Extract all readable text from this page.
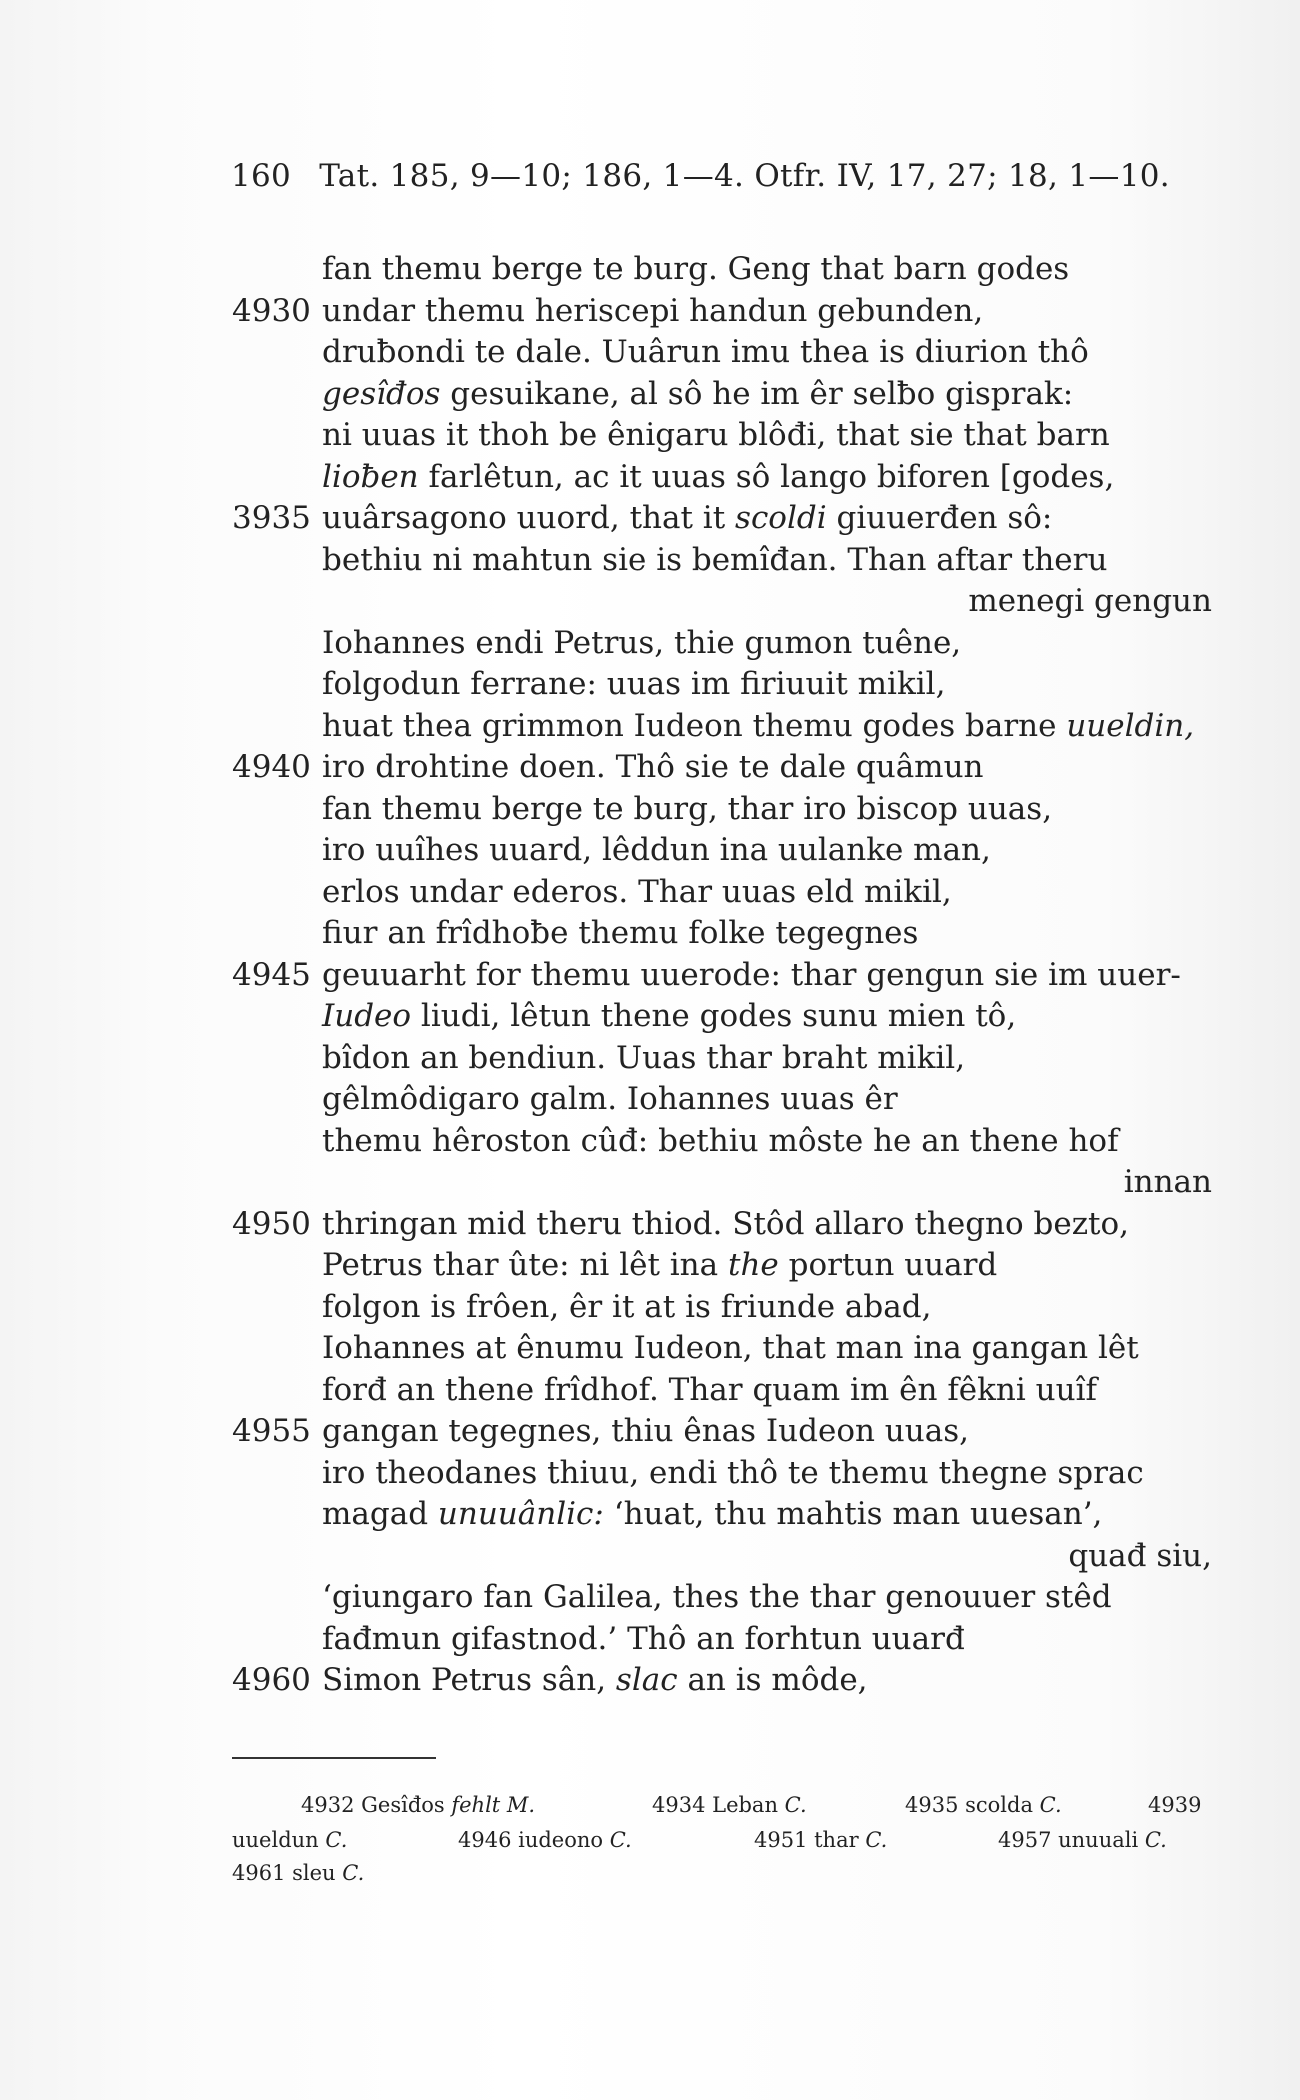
160 Tat. 185, 9—10; 186, 1—4. Otfr. IV, 17, 27; 18, 1—10.
fan themu berge te burg. Geng that barn godes
4930 undar themu heriscepi handun gebunden,
druƀondi te dale. Uuârun imu thea is diurion thô
gesîđos gesuikane, al sô he im êr selƀo gisprak:
ni uuas it thoh be ênigaru blôđi, that sie that barn
lioƀen farlêtun, ac it uuas sô lango biforen [godes,
3935 uuârsagono uuord, that it scoldi giuuerđen sô:
bethiu ni mahtun sie is bemîđan. Than aftar theru
menegi gengun
Iohannes endi Petrus, thie gumon tuêne,
folgodun ferrane: uuas im firiuuit mikil,
huat thea grimmon Iudeon themu godes barne uueldin,
4940 iro drohtine doen. Thô sie te dale quâmun
fan themu berge te burg, thar iro biscop uuas,
iro uuîhes uuard, lêddun ina uulanke man,
erlos undar ederos. Thar uuas eld mikil,
fiur an frîdhoƀe themu folke tegegnes
4945 geuuarht for themu uuerode: thar gengun sie im uuer-
Iudeo liudi, lêtun thene godes sunu mien tô,
bîdon an bendiun. Uuas thar braht mikil,
gêlmôdigaro galm. Iohannes uuas êr
themu hêroston cûđ: bethiu môste he an thene hof
innan
4950 thringan mid theru thiod. Stôd allaro thegno bezto,
Petrus thar ûte: ni lêt ina the portun uuard
folgon is frôen, êr it at is friunde abad,
Iohannes at ênumu Iudeon, that man ina gangan lêt
forđ an thene frîdhof. Thar quam im ên fêkni uuîf
4955 gangan tegegnes, thiu ênas Iudeon uuas,
iro theodanes thiuu, endi thô te themu thegne sprac
magad unuuânlic: ‘huat, thu mahtis man uuesan’,
quađ siu,
‘giungaro fan Galilea, thes the thar genouuer stêd
fađmun gifastnod.’ Thô an forhtun uuarđ
4960 Simon Petrus sân, slac an is môde,
4932 Gesîđos fehlt M.	4934 Leban C.	4935 scolda C.	4939
uueldun C.	4946 iudeono C.	4951 thar C.	4957 unuuali C.
4961 sleu C.
